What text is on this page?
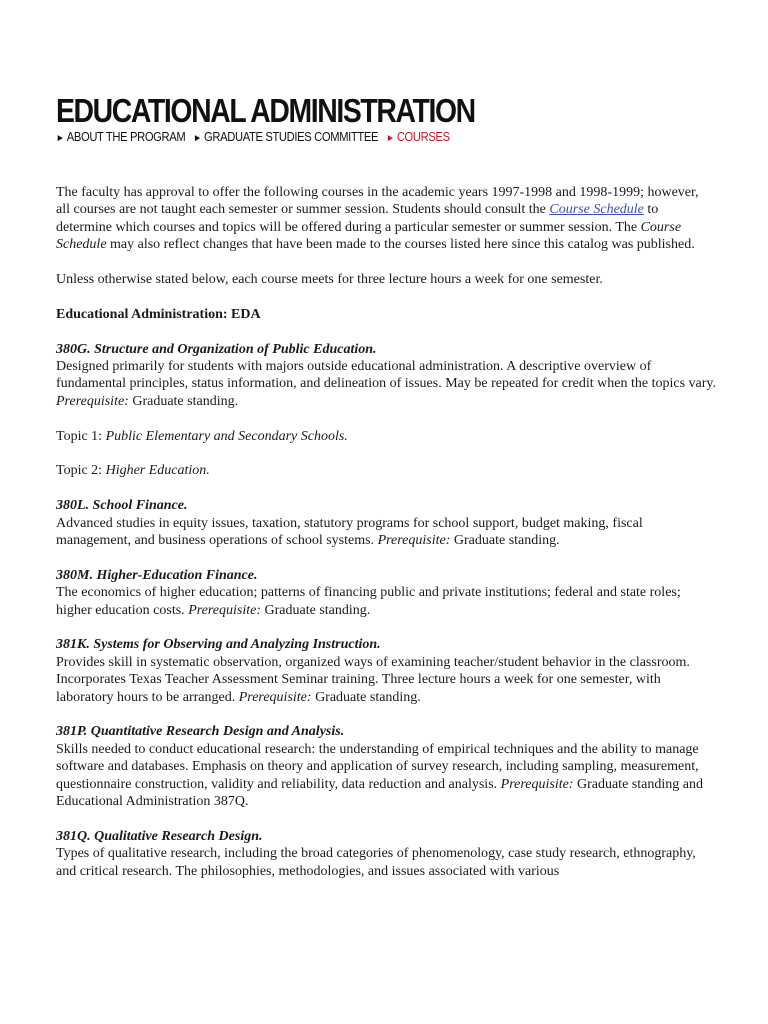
EDUCATIONAL ADMINISTRATION
► ABOUT THE PROGRAM ► GRADUATE STUDIES COMMITTEE ► COURSES

The faculty has approval to offer the following courses in the academic years 1997-1998 and 1998-1999; however, all courses are not taught each semester or summer session. Students should consult the Course Schedule to determine which courses and topics will be offered during a particular semester or summer session. The Course Schedule may also reflect changes that have been made to the courses listed here since this catalog was published.

Unless otherwise stated below, each course meets for three lecture hours a week for one semester.

Educational Administration: EDA

380G. Structure and Organization of Public Education.
Designed primarily for students with majors outside educational administration. A descriptive overview of fundamental principles, status information, and delineation of issues. May be repeated for credit when the topics vary. Prerequisite: Graduate standing.

Topic 1: Public Elementary and Secondary Schools.

Topic 2: Higher Education.

380L. School Finance.
Advanced studies in equity issues, taxation, statutory programs for school support, budget making, fiscal management, and business operations of school systems. Prerequisite: Graduate standing.

380M. Higher-Education Finance.
The economics of higher education; patterns of financing public and private institutions; federal and state roles; higher education costs. Prerequisite: Graduate standing.

381K. Systems for Observing and Analyzing Instruction.
Provides skill in systematic observation, organized ways of examining teacher/student behavior in the classroom. Incorporates Texas Teacher Assessment Seminar training. Three lecture hours a week for one semester, with laboratory hours to be arranged. Prerequisite: Graduate standing.

381P. Quantitative Research Design and Analysis.
Skills needed to conduct educational research: the understanding of empirical techniques and the ability to manage software and databases. Emphasis on theory and application of survey research, including sampling, measurement, questionnaire construction, validity and reliability, data reduction and analysis. Prerequisite: Graduate standing and Educational Administration 387Q.

381Q. Qualitative Research Design.
Types of qualitative research, including the broad categories of phenomenology, case study research, ethnography, and critical research. The philosophies, methodologies, and issues associated with various
